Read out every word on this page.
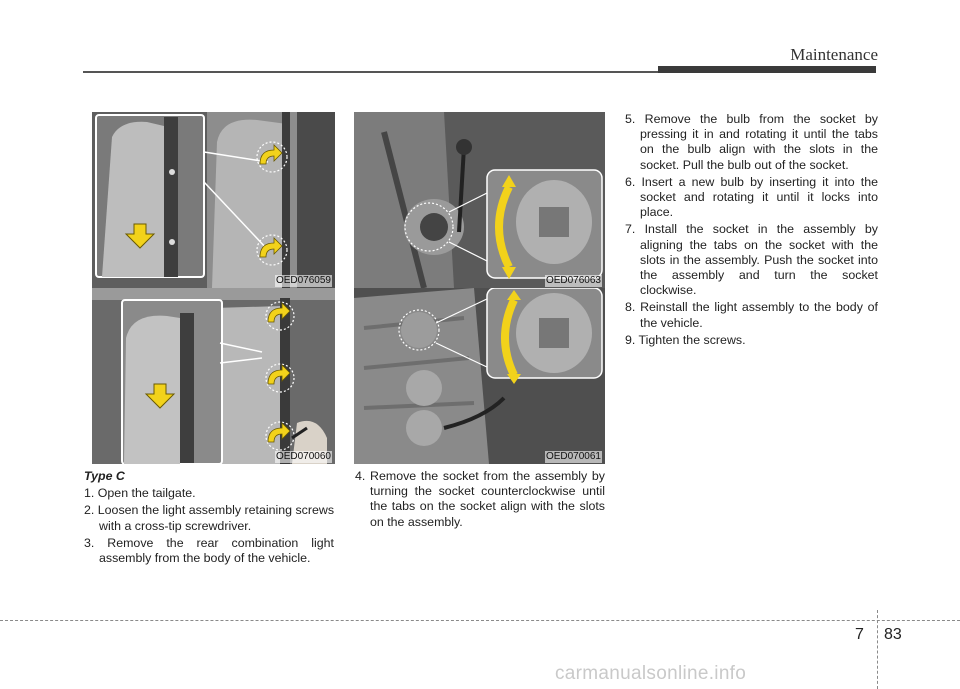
Maintenance
OED076059
OED070060
OED076063
OED070061
Type C

1. Open the tailgate.

2. Loosen the light assembly retaining screws with a cross-tip screwdriver.

3. Remove the rear combination light assembly from the body of the vehicle.

4. Remove the socket from the assembly by turning the socket counterclockwise until the tabs on the socket align with the slots on the assembly.

5. Remove the bulb from the socket by pressing it in and rotating it until the tabs on the bulb align with the slots in the socket. Pull the bulb out of the socket.

6. Insert a new bulb by inserting it into the socket and rotating it until it locks into place.

7. Install the socket in the assembly by aligning the tabs on the socket with the slots in the assembly. Push the socket into the assembly and turn the socket clockwise.

8. Reinstall the light assembly to the body of the vehicle.

9. Tighten the screws.

7 83
carmanualsonline.info
